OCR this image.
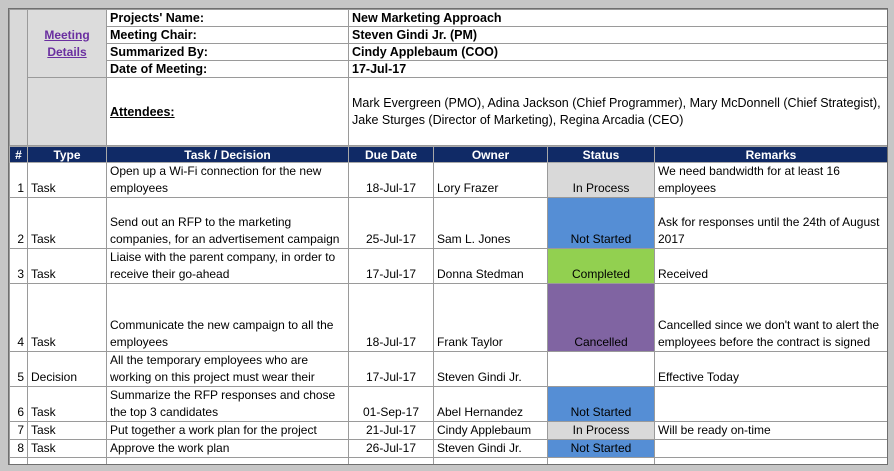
	Meeting Details	Projects' Name:	New Marketing Approach
		Meeting Chair:	Steven Gindi Jr. (PM)
		Summarized By:	Cindy Applebaum (COO)
		Date of Meeting:	17-Jul-17
		Attendees:	Mark Evergreen (PMO), Adina Jackson (Chief Programmer), Mary McDonnell (Chief Strategist), Jake Sturges (Director of Marketing), Regina Arcadia (CEO)
#	Type	Task / Decision	Due Date	Owner	Status	Remarks
1	Task	Open up a Wi-Fi connection for the new employees	18-Jul-17	Lory Frazer	In Process	We need bandwidth for at least 16 employees
2	Task	Send out an RFP to the marketing companies, for an advertisement campaign	25-Jul-17	Sam L. Jones	Not Started	Ask for responses until the 24th of August 2017
3	Task	Liaise with the parent company, in order to receive their go-ahead	17-Jul-17	Donna Stedman	Completed	Received
4	Task	Communicate the new campaign to all the employees	18-Jul-17	Frank Taylor	Cancelled	Cancelled since we don't want to alert the employees before the contract is signed
5	Decision	All the temporary employees who are working on this project must wear their	17-Jul-17	Steven Gindi Jr.		Effective Today
6	Task	Summarize the RFP responses and chose the top 3 candidates	01-Sep-17	Abel Hernandez	Not Started	
7	Task	Put together a work plan for the project	21-Jul-17	Cindy Applebaum	In Process	Will be ready on-time
8	Task	Approve the work plan	26-Jul-17	Steven Gindi Jr.	Not Started	
